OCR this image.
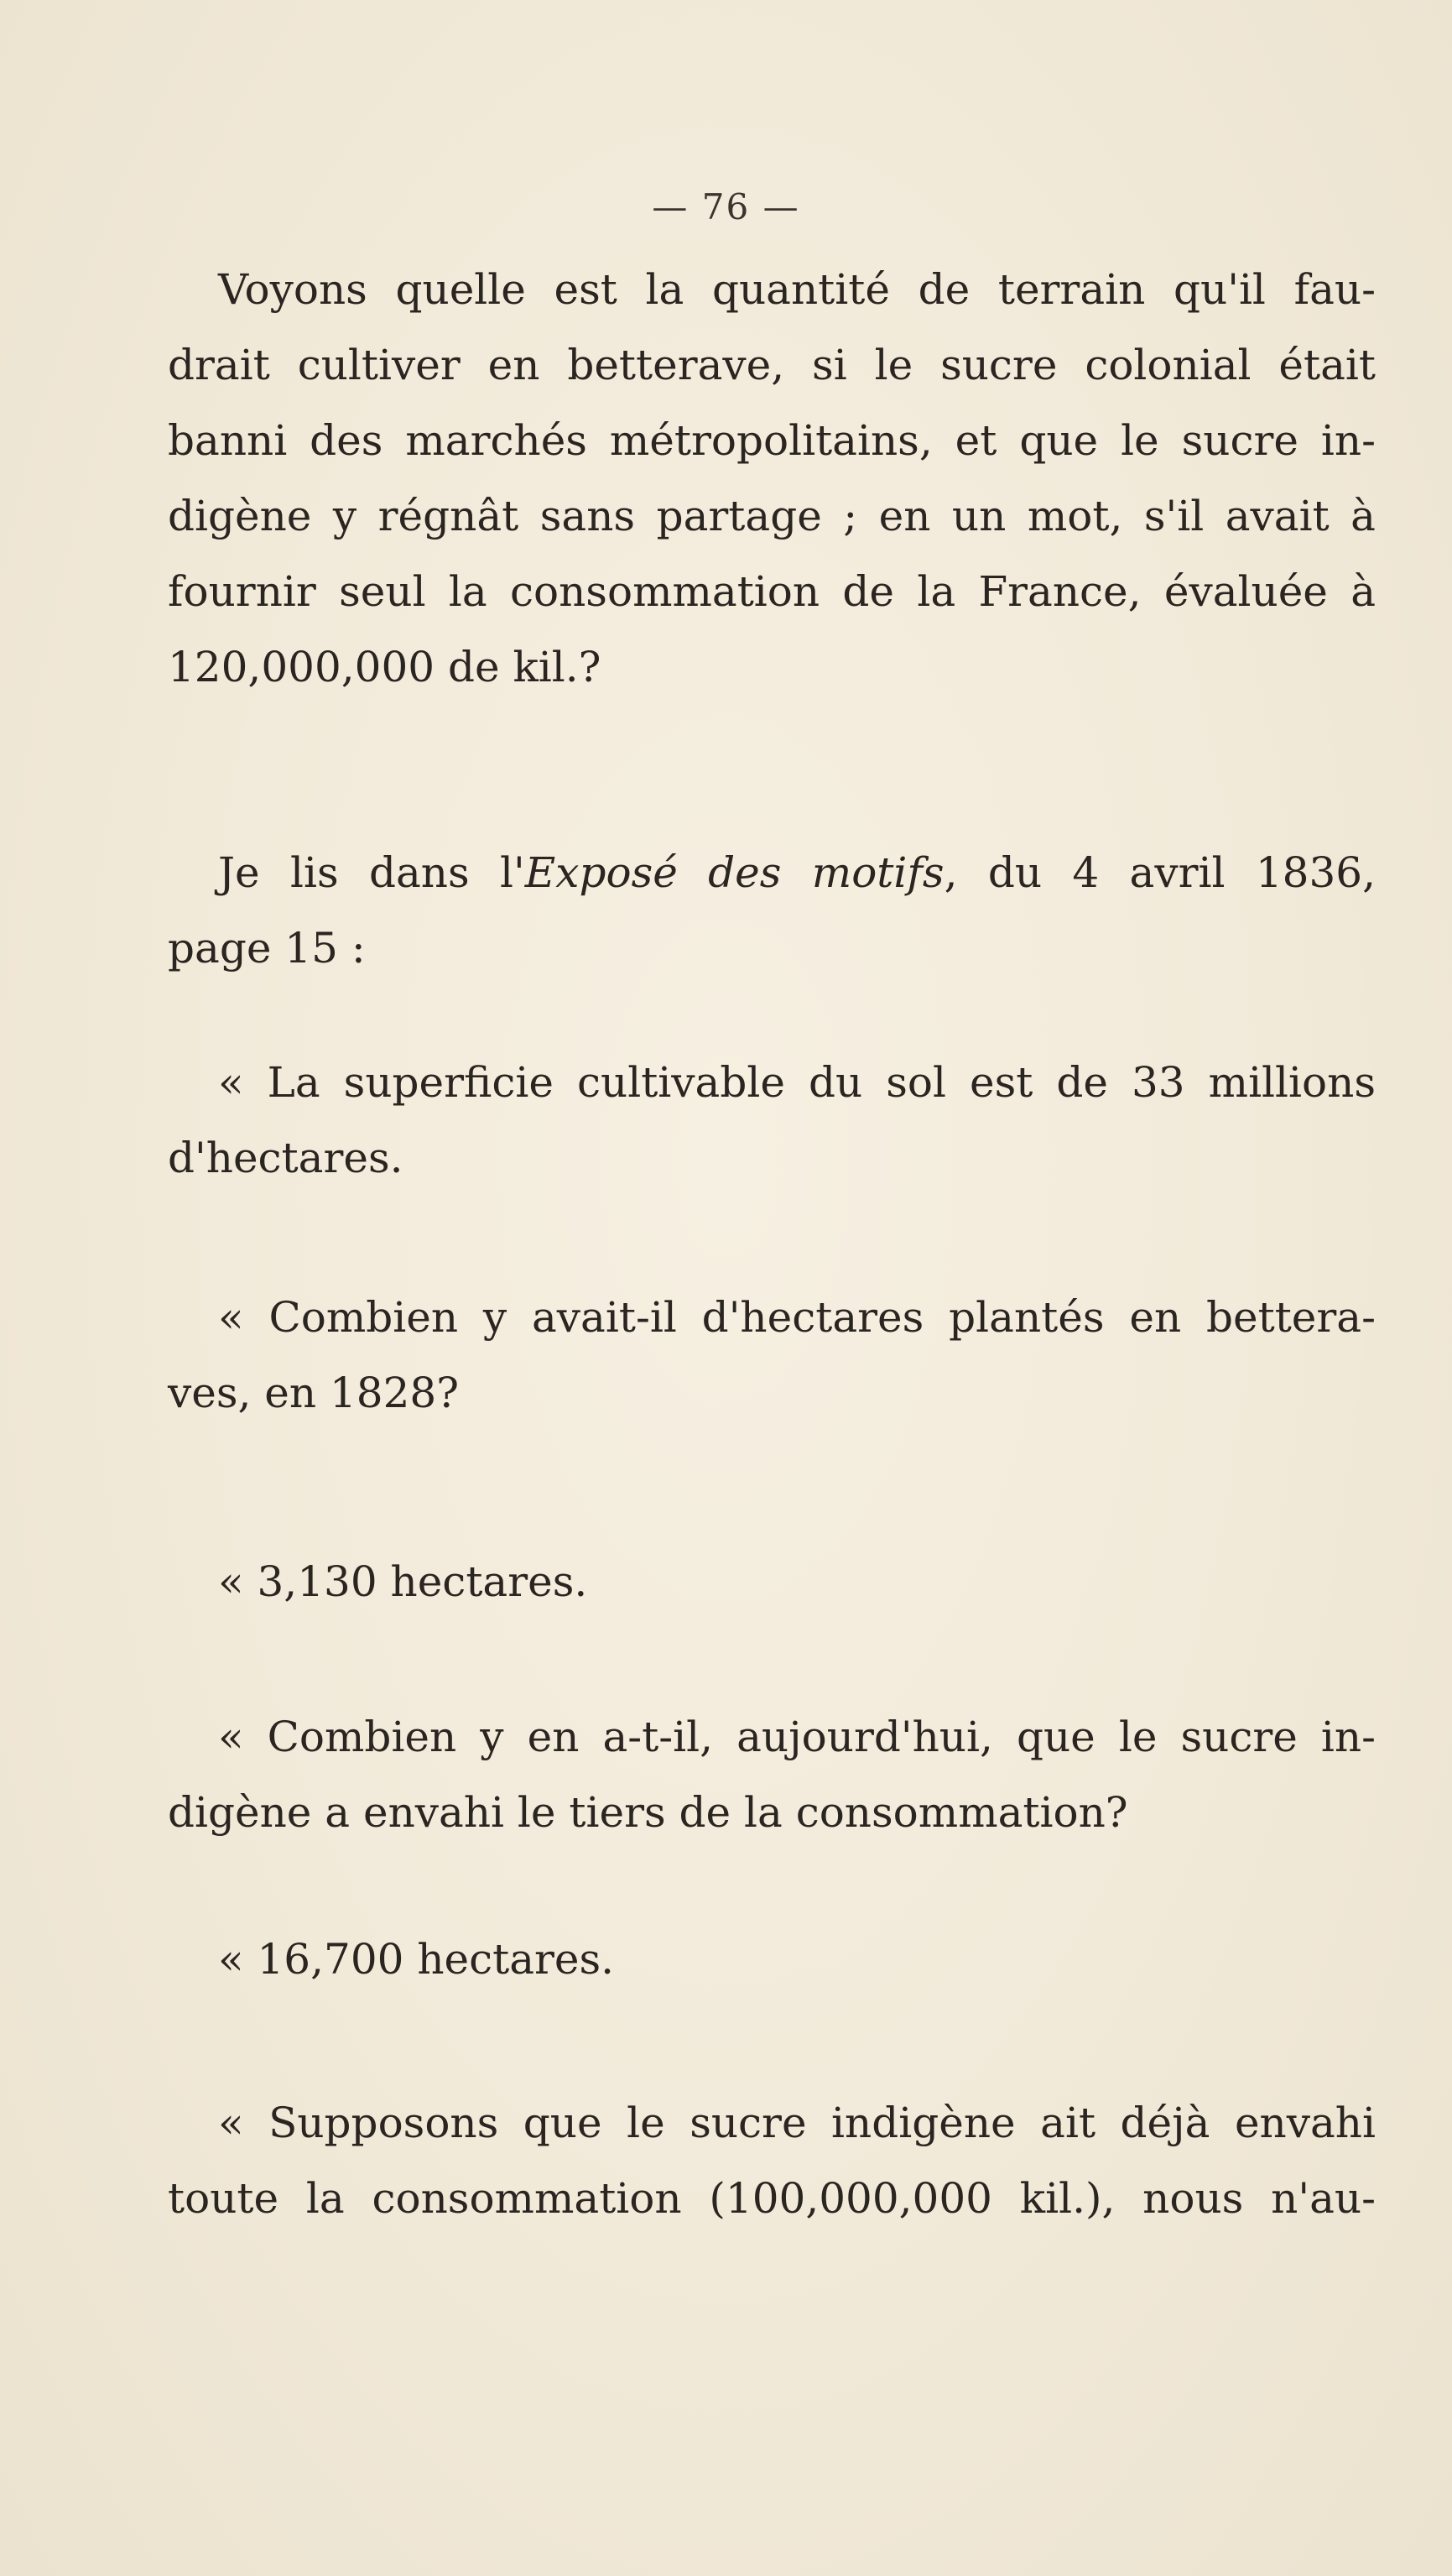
— 76 —
Voyons quelle est la quantité de terrain qu'il fau-
drait cultiver en betterave, si le sucre colonial était
banni des marchés métropolitains, et que le sucre in-
digène y régnât sans partage ; en un mot, s'il avait à
fournir seul la consommation de la France, évaluée à
120,000,000 de kil.?
Je lis dans l'Exposé des motifs, du 4 avril 1836,
page 15 :
« La superficie cultivable du sol est de 33 millions
d'hectares.
« Combien y avait-il d'hectares plantés en bettera-
ves, en 1828?
« 3,130 hectares.
« Combien y en a-t-il, aujourd'hui, que le sucre in-
digène a envahi le tiers de la consommation?
« 16,700 hectares.
« Supposons que le sucre indigène ait déjà envahi
toute la consommation (100,000,000 kil.), nous n'au-
